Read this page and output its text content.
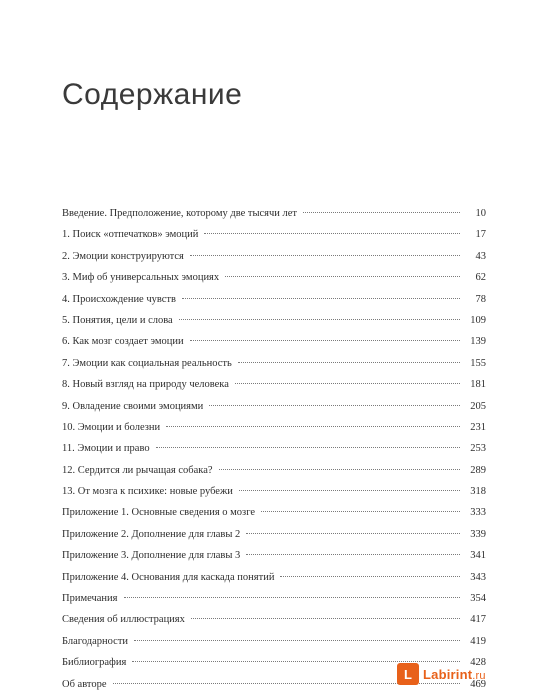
Содержание
Введение. Предположение, которому две тысячи лет	10
1. Поиск «отпечатков» эмоций	17
2. Эмоции конструируются	43
3. Миф об универсальных эмоциях	62
4. Происхождение чувств	78
5. Понятия, цели и слова	109
6. Как мозг создает эмоции	139
7. Эмоции как социальная реальность	155
8. Новый взгляд на природу человека	181
9. Овладение своими эмоциями	205
10. Эмоции и болезни	231
11. Эмоции и право	253
12. Сердится ли рычащая собака?	289
13. От мозга к психике: новые рубежи	318
Приложение 1. Основные сведения о мозге	333
Приложение 2. Дополнение для главы 2	339
Приложение 3. Дополнение для главы 3	341
Приложение 4. Основания для каскада понятий	343
Примечания	354
Сведения об иллюстрациях	417
Благодарности	419
Библиография	428
Об авторе	469
L Labirint.ru
